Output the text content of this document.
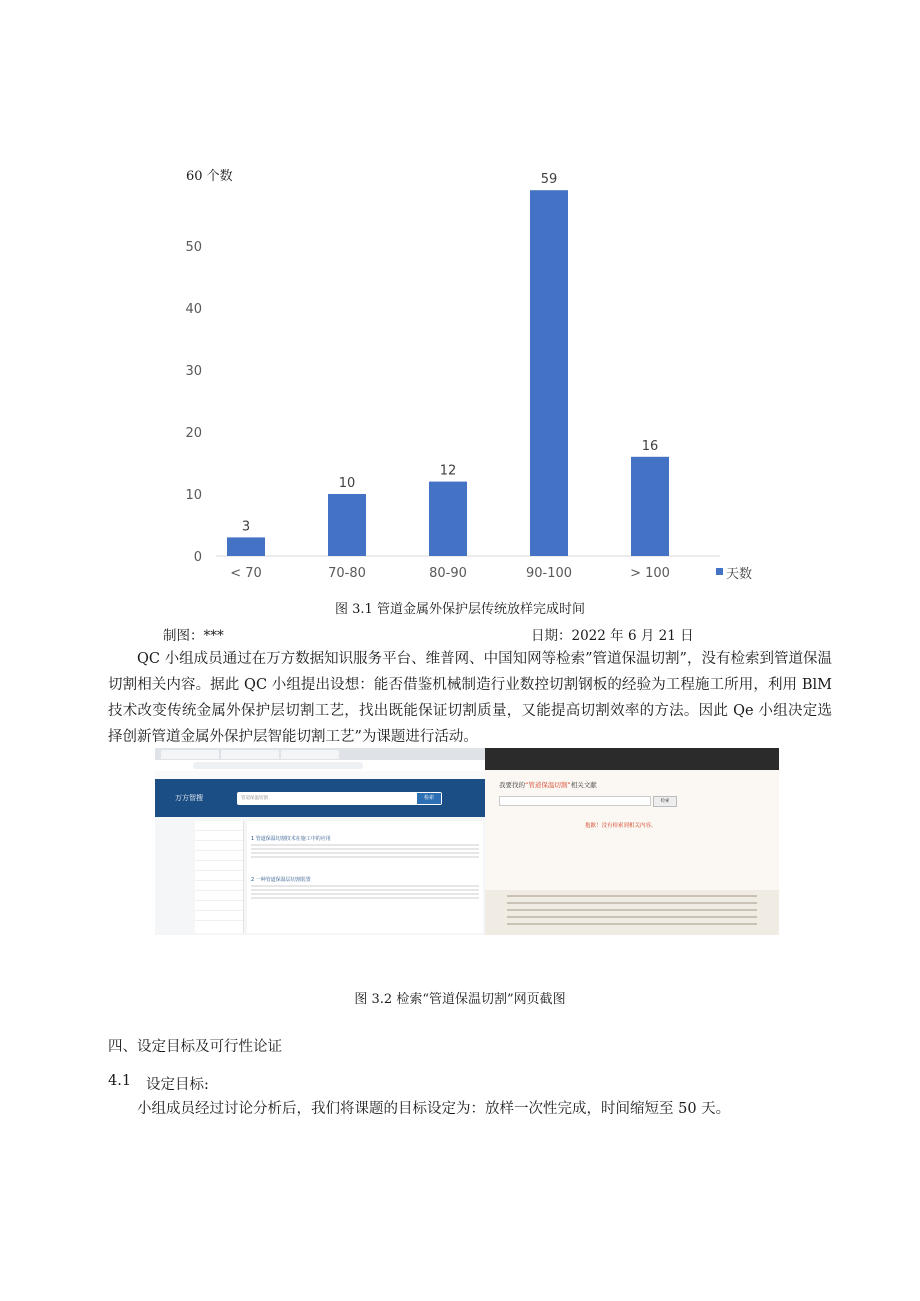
60 个数
0
10
20
30
40
50
3
< 70
10
70-80
12
80-90
59
90-100
16
> 100	天数
图 3.1 管道金属外保护层传统放样完成时间
制图：***	日期：2022 年 6 月 21 日
QC 小组成员通过在万方数据知识服务平台、维普网、中国知网等检索”管道保温切割”，没有检索到管道保温切割相关内容。据此 QC 小组提出设想：能否借鉴机械制造行业数控切割钢板的经验为工程施工所用，利用 BlM 技术改变传统金属外保护层切割工艺，找出既能保证切割质量，又能提高切割效率的方法。因此 Qe 小组决定选择创新管道金属外保护层智能切割工艺”为课题进行活动。
万方智搜	管道保温切割	检索
1 管道保温切割技术在施工中的应用
2 一种管道保温层切割装置
我要找的“管道保温切割”相关文献
检索
抱歉！没有检索到相关内容。
图 3.2 检索“管道保温切割”网页截图
四、设定目标及可行性论证
4.1 设定目标:
小组成员经过讨论分析后，我们将课题的目标设定为：放样一次性完成，时间缩短至 50 天。
